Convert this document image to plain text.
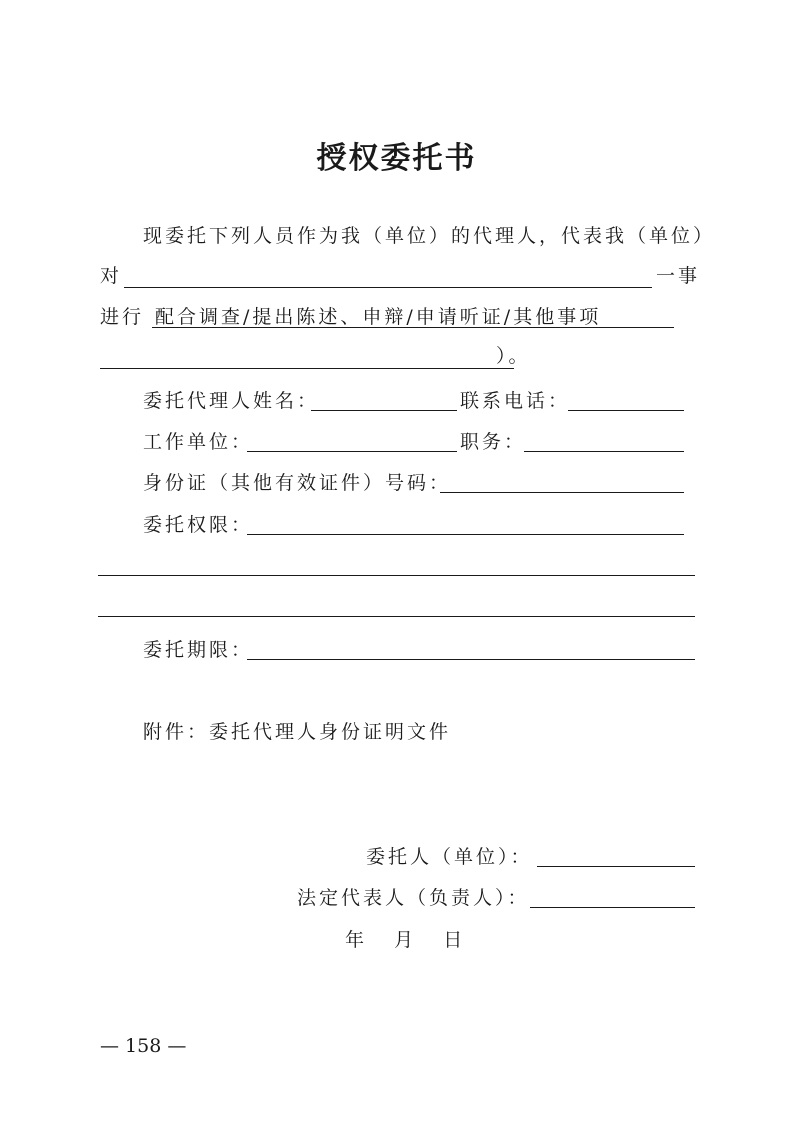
授权委托书
现委托下列人员作为我（单位）的代理人，代表我（单位）
对	一事
进行 配合调查/提出陈述、申辩/申请听证/其他事项
）。
委托代理人姓名：	联系电话：
工作单位：	职务：
身份证（其他有效证件）号码：
委托权限：
委托期限：
附件：委托代理人身份证明文件
委托人（单位）：
法定代表人（负责人）：
年   月   日
— 158 —
